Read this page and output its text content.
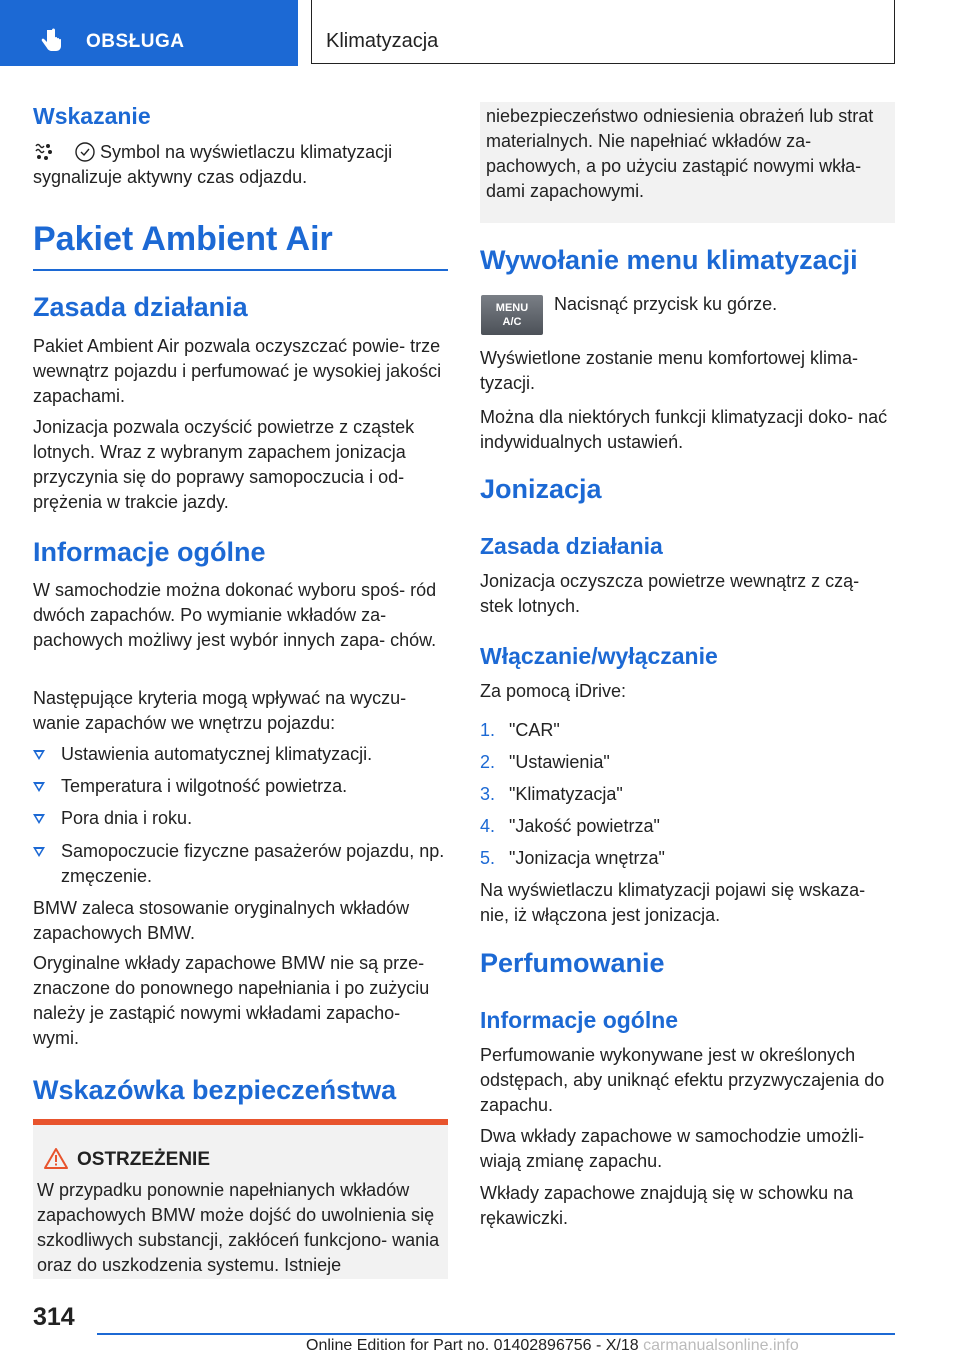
OBSŁUGA	Klimatyzacja
Wskazanie

Symbol na wyświetlaczu klimatyzacji

sygnalizuje aktywny czas odjazdu.

Pakiet Ambient Air
Zasada działania

Pakiet Ambient Air pozwala oczyszczać powie- trze wewnątrz pojazdu i perfumować je wysokiej jakości zapachami.

Jonizacja pozwala oczyścić powietrze z cząstek lotnych. Wraz z wybranym zapachem jonizacja przyczynia się do poprawy samopoczucia i od- prężenia w trakcie jazdy.

Informacje ogólne

W samochodzie można dokonać wyboru spoś- ród dwóch zapachów. Po wymianie wkładów za- pachowych możliwy jest wybór innych zapa- chów.

Następujące kryteria mogą wpływać na wyczu- wanie zapachów we wnętrzu pojazdu:

Ustawienia automatycznej klimatyzacji.
Temperatura i wilgotność powietrza.
Pora dnia i roku.
Samopoczucie fizyczne pasażerów pojazdu, np. zmęczenie.

BMW zaleca stosowanie oryginalnych wkładów zapachowych BMW.

Oryginalne wkłady zapachowe BMW nie są prze- znaczone do ponownego napełniania i po zużyciu należy je zastąpić nowymi wkładami zapacho- wymi.

Wskazówka bezpieczeństwa
OSTRZEŻENIE

W przypadku ponownie napełnianych wkładów zapachowych BMW może dojść do uwolnienia się szkodliwych substancji, zakłóceń funkcjono- wania oraz do uszkodzenia systemu. Istnieje

niebezpieczeństwo odniesienia obrażeń lub strat materialnych. Nie napełniać wkładów za- pachowych, a po użyciu zastąpić nowymi wkła- dami zapachowymi.

Wywołanie menu klimatyzacji

Nacisnąć przycisk ku górze.

Wyświetlone zostanie menu komfortowej klima- tyzacji.

Można dla niektórych funkcji klimatyzacji doko- nać indywidualnych ustawień.

Jonizacja
Zasada działania

Jonizacja oczyszcza powietrze wewnątrz z czą- stek lotnych.

Włączanie/wyłączanie

Za pomocą iDrive:

1. "CAR"
2. "Ustawienia"
3. "Klimatyzacja"
4. "Jakość powietrza"
5. "Jonizacja wnętrza"

Na wyświetlaczu klimatyzacji pojawi się wskaza- nie, iż włączona jest jonizacja.

Perfumowanie
Informacje ogólne

Perfumowanie wykonywane jest w określonych odstępach, aby uniknąć efektu przyzwyczajenia do zapachu.

Dwa wkłady zapachowe w samochodzie umożli- wiają zmianę zapachu.

Wkłady zapachowe znajdują się w schowku na rękawiczki.

MENU
A/C
314
Online Edition for Part no. 01402896756 - X/18 carmanualsonline.info
